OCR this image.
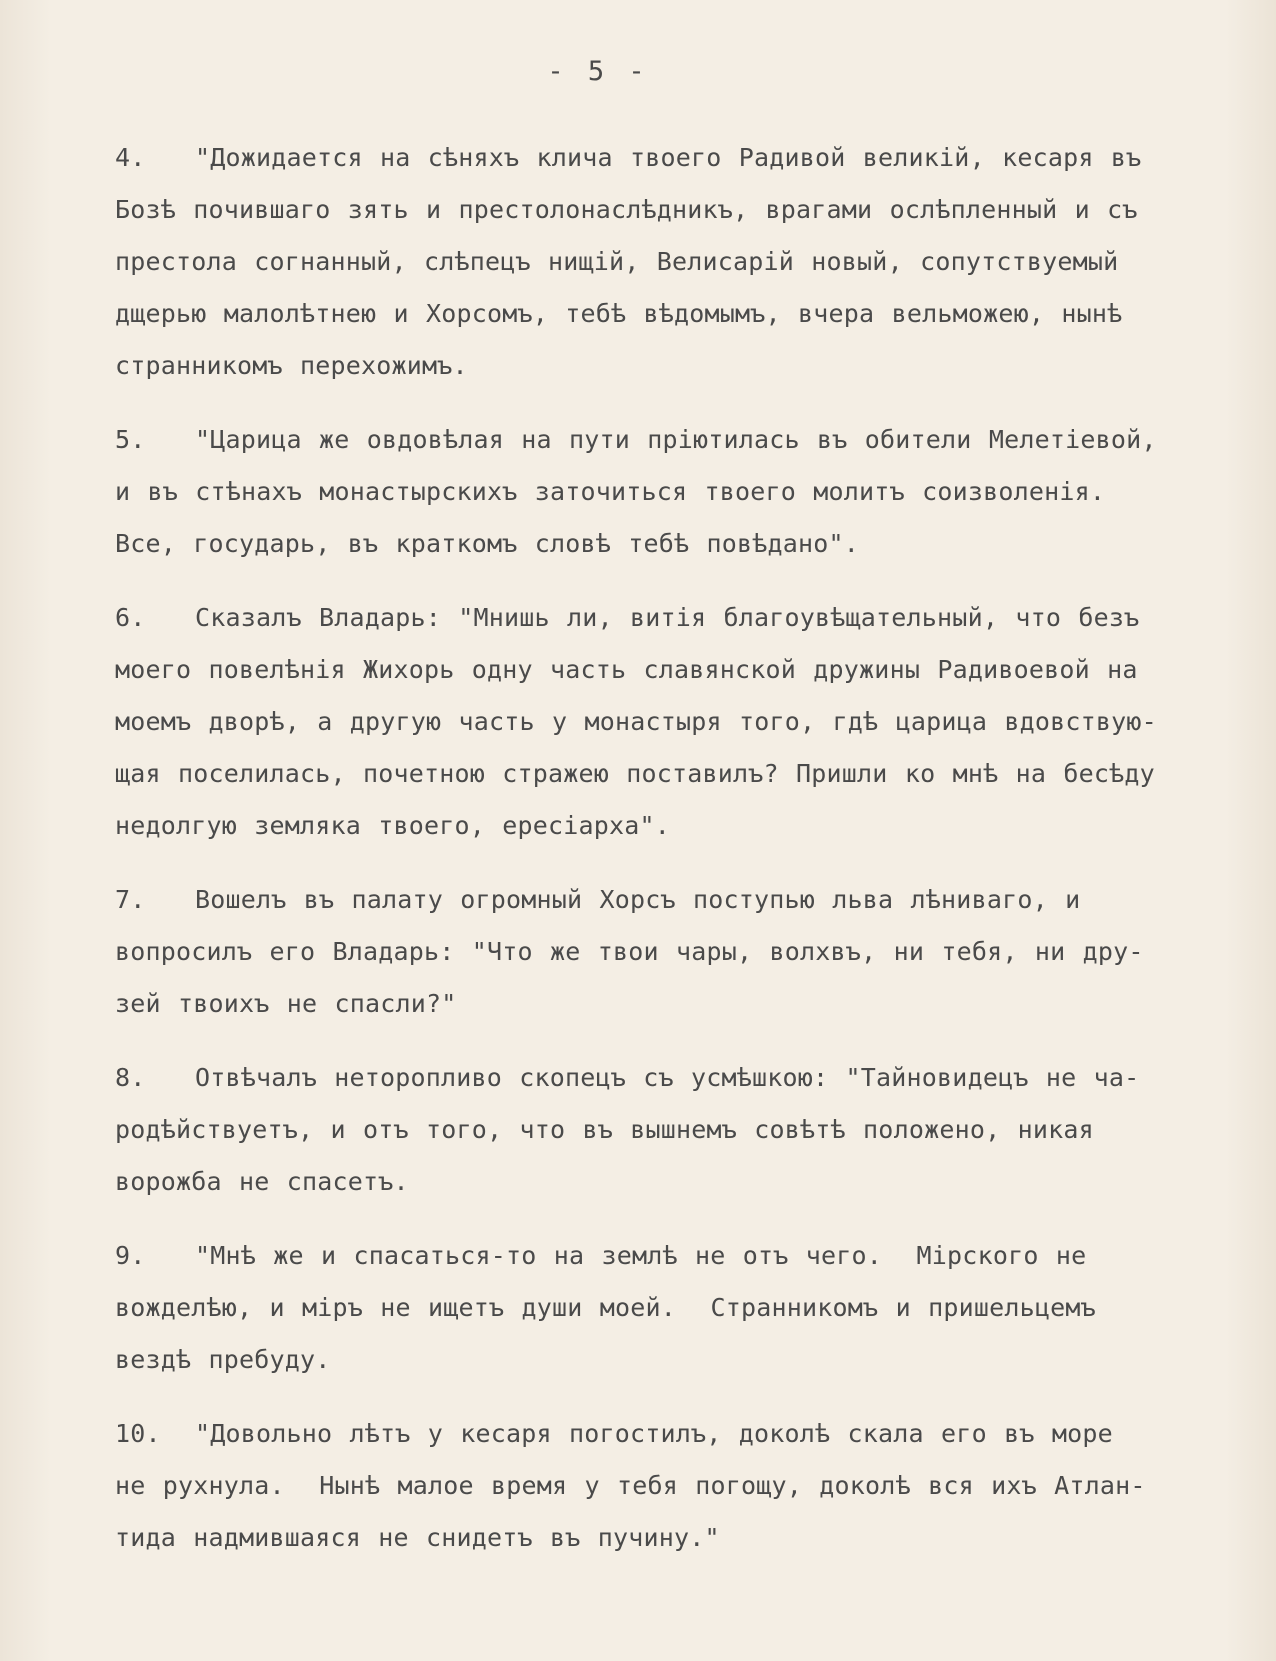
- 5 -
4. "Дожидается на сѣняхъ клича твоего Радивой великій, кесаря въ
Бозѣ почившаго зять и престолонаслѣдникъ, врагами ослѣпленный и съ
престола согнанный, слѣпецъ нищій, Велисарій новый, сопутствуемый
дщерью малолѣтнею и Хорсомъ, тебѣ вѣдомымъ, вчера вельможею, нынѣ
странникомъ перехожимъ.
5. "Царица же овдовѣлая на пути пріютилась въ обители Мелетіевой,
и въ стѣнахъ монастырскихъ заточиться твоего молитъ соизволенія.
Все, государь, въ краткомъ словѣ тебѣ повѣдано".
6. Сказалъ Владарь: "Мнишь ли, витія благоувѣщательный, что безъ
моего повелѣнія Жихорь одну часть славянской дружины Радивоевой на
моемъ дворѣ, а другую часть у монастыря того, гдѣ царица вдовствую-
щая поселилась, почетною стражею поставилъ? Пришли ко мнѣ на бесѣду
недолгую земляка твоего, ересіарха".
7. Вошелъ въ палату огромный Хорсъ поступью льва лѣниваго, и
вопросилъ его Владарь: "Что же твои чары, волхвъ, ни тебя, ни дру-
зей твоихъ не спасли?"
8. Отвѣчалъ неторопливо скопецъ съ усмѣшкою: "Тайновидецъ не ча-
родѣйствуетъ, и отъ того, что въ вышнемъ совѣтѣ положено, никая
ворожба не спасетъ.
9. "Мнѣ же и спасаться-то на землѣ не отъ чего.  Мірского не
вожделѣю, и міръ не ищетъ души моей.  Странникомъ и пришельцемъ
вездѣ пребуду.
10. "Довольно лѣтъ у кесаря погостилъ, доколѣ скала его въ море
не рухнула.  Нынѣ малое время у тебя погощу, доколѣ вся ихъ Атлан-
тида надмившаяся не снидетъ въ пучину."
